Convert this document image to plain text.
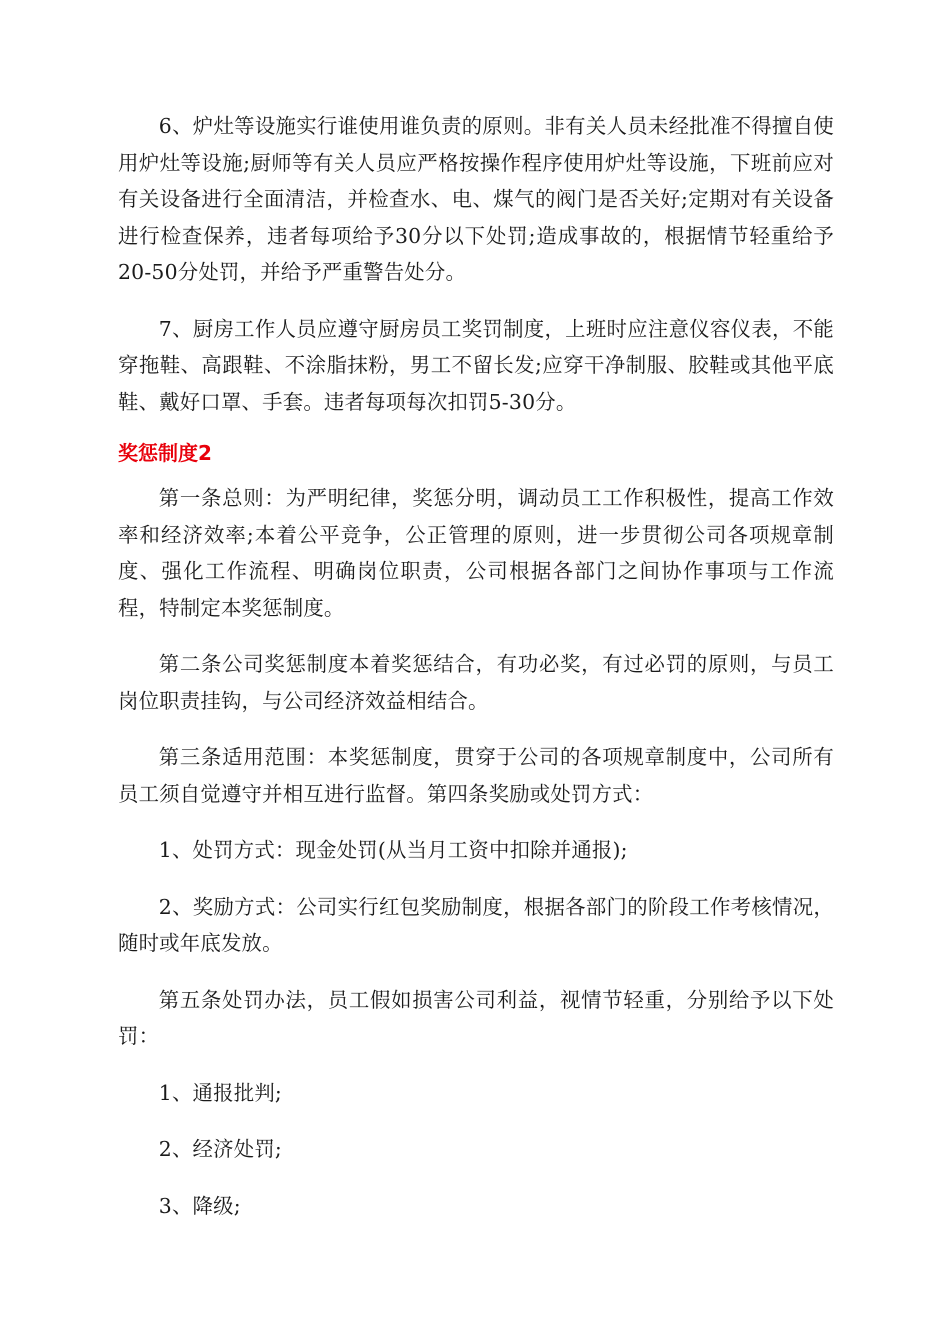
6、炉灶等设施实行谁使用谁负责的原则。非有关人员未经批准不得擅自使用炉灶等设施;厨师等有关人员应严格按操作程序使用炉灶等设施，下班前应对有关设备进行全面清洁，并检查水、电、煤气的阀门是否关好;定期对有关设备进行检查保养，违者每项给予30分以下处罚;造成事故的，根据情节轻重给予20-50分处罚，并给予严重警告处分。

7、厨房工作人员应遵守厨房员工奖罚制度，上班时应注意仪容仪表，不能穿拖鞋、高跟鞋、不涂脂抹粉，男工不留长发;应穿干净制服、胶鞋或其他平底鞋、戴好口罩、手套。违者每项每次扣罚5-30分。

奖惩制度2

第一条总则：为严明纪律，奖惩分明，调动员工工作积极性，提高工作效率和经济效率;本着公平竞争，公正管理的原则，进一步贯彻公司各项规章制度、强化工作流程、明确岗位职责，公司根据各部门之间协作事项与工作流程，特制定本奖惩制度。

第二条公司奖惩制度本着奖惩结合，有功必奖，有过必罚的原则，与员工岗位职责挂钩，与公司经济效益相结合。

第三条适用范围：本奖惩制度，贯穿于公司的各项规章制度中，公司所有员工须自觉遵守并相互进行监督。第四条奖励或处罚方式：

1、处罚方式：现金处罚(从当月工资中扣除并通报);

2、奖励方式：公司实行红包奖励制度，根据各部门的阶段工作考核情况，随时或年底发放。

第五条处罚办法，员工假如损害公司利益，视情节轻重，分别给予以下处罚：

1、通报批判;

2、经济处罚;

3、降级;
